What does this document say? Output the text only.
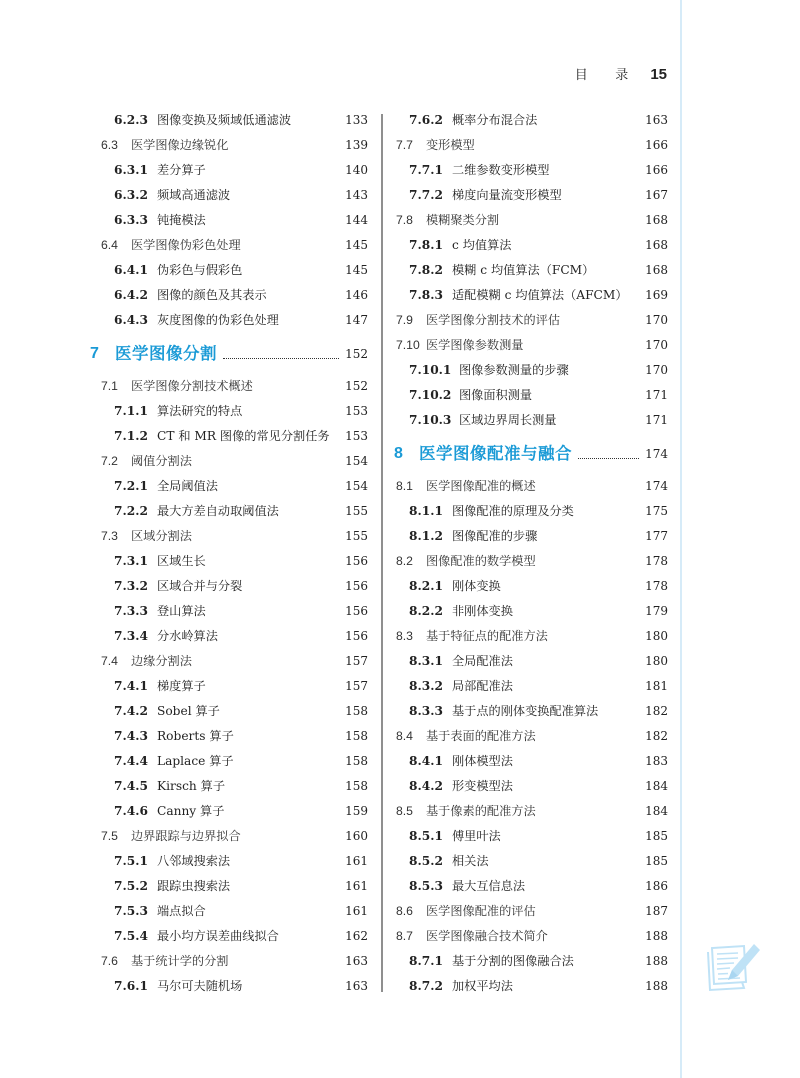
目 录 15
6.2.3 图像变换及频域低通滤波	133
6.3	医学图像边缘锐化	139
6.3.1 差分算子	140
6.3.2 频域高通滤波	143
6.3.3 钝掩模法	144
6.4	医学图像伪彩色处理	145
6.4.1 伪彩色与假彩色	145
6.4.2 图像的颜色及其表示	146
6.4.3 灰度图像的伪彩色处理	147
7 医学图像分割	152
7.1	医学图像分割技术概述	152
7.1.1 算法研究的特点	153
7.1.2 CT 和 MR 图像的常见分割任务 153
7.2	阈值分割法	154
7.2.1 全局阈值法	154
7.2.2 最大方差自动取阈值法	155
7.3	区域分割法	155
7.3.1 区域生长	156
7.3.2 区域合并与分裂	156
7.3.3 登山算法	156
7.3.4 分水岭算法	156
7.4	边缘分割法	157
7.4.1 梯度算子	157
7.4.2 Sobel 算子	158
7.4.3 Roberts 算子	158
7.4.4 Laplace 算子	158
7.4.5 Kirsch 算子	158
7.4.6 Canny 算子	159
7.5	边界跟踪与边界拟合	160
7.5.1 八邻域搜索法	161
7.5.2 跟踪虫搜索法	161
7.5.3 端点拟合	161
7.5.4 最小均方误差曲线拟合	162
7.6	基于统计学的分割	163
7.6.1 马尔可夫随机场	163
7.6.2 概率分布混合法	163
7.7	变形模型	166
7.7.1 二维参数变形模型	166
7.7.2 梯度向量流变形模型	167
7.8	模糊聚类分割	168
7.8.1 c 均值算法	168
7.8.2 模糊 c 均值算法（FCM）	168
7.8.3 适配模糊 c 均值算法（AFCM） 169
7.9	医学图像分割技术的评估	170
7.10 医学图像参数测量	170
7.10.1 图像参数测量的步骤	170
7.10.2 图像面积测量	171
7.10.3 区域边界周长测量	171
8 医学图像配准与融合	174
8.1	医学图像配准的概述	174
8.1.1 图像配准的原理及分类	175
8.1.2 图像配准的步骤	177
8.2	图像配准的数学模型	178
8.2.1 刚体变换	178
8.2.2 非刚体变换	179
8.3	基于特征点的配准方法	180
8.3.1 全局配准法	180
8.3.2 局部配准法	181
8.3.3 基于点的刚体变换配准算法	182
8.4	基于表面的配准方法	182
8.4.1 刚体模型法	183
8.4.2 形变模型法	184
8.5	基于像素的配准方法	184
8.5.1 傅里叶法	185
8.5.2 相关法	185
8.5.3 最大互信息法	186
8.6	医学图像配准的评估	187
8.7	医学图像融合技术简介	188
8.7.1 基于分割的图像融合法	188
8.7.2 加权平均法	188
